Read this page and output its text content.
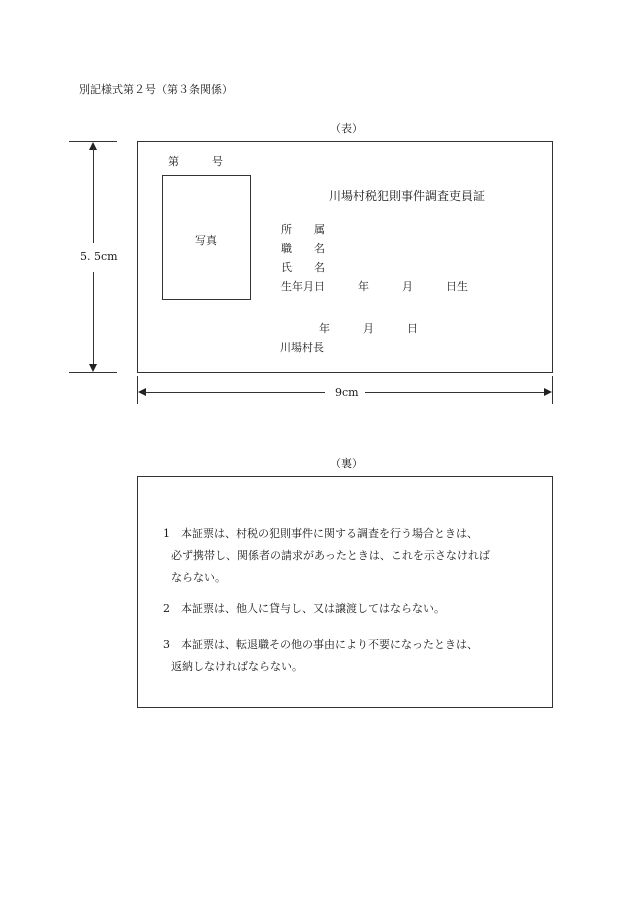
別記様式第２号（第３条関係）
（表）
5. 5cm
第　　　号
写真
川場村税犯則事件調査吏員証
所　　属
職　　名
氏　　名
生年月日　　　年　　　月　　　日生
年　　　月　　　日
川場村長
9cm
（裏）
1　 本証票は、村税の犯則事件に関する調査を行う場合ときは、
必ず携帯し、関係者の請求があったときは、これを示さなければ
ならない。
2　 本証票は、他人に貸与し、又は譲渡してはならない。
3　 本証票は、転退職その他の事由により不要になったときは、
返納しなければならない。
